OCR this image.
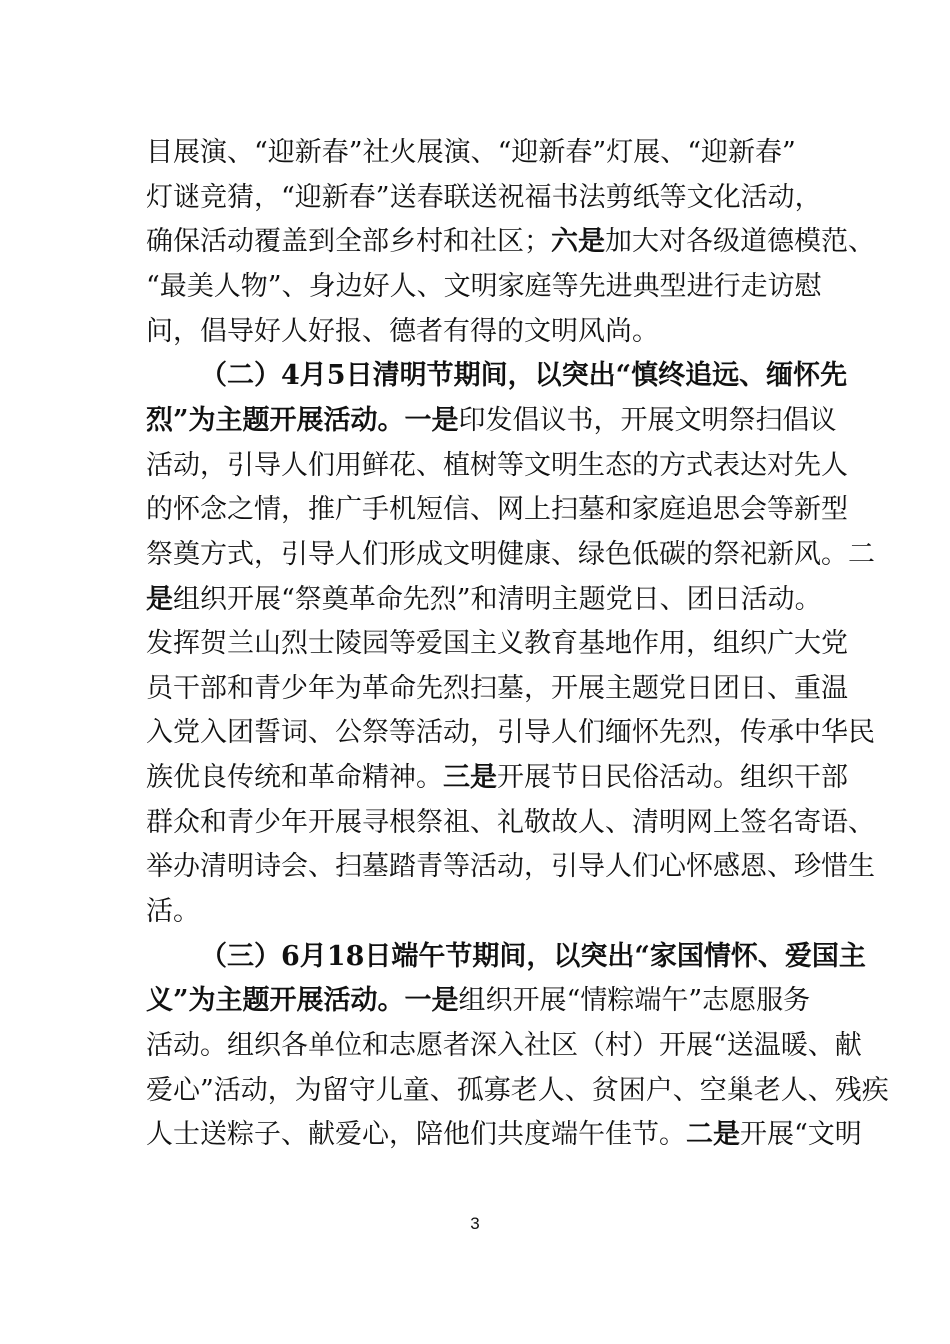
目展演、“迎新春”社火展演、“迎新春”灯展、“迎新春”
灯谜竞猜，“迎新春”送春联送祝福书法剪纸等文化活动，
确保活动覆盖到全部乡村和社区；六是加大对各级道德模范、
“最美人物”、身边好人、文明家庭等先进典型进行走访慰
问，倡导好人好报、德者有得的文明风尚。
（二）4月5日清明节期间，以突出“慎终追远、缅怀先
烈”为主题开展活动。一是印发倡议书，开展文明祭扫倡议
活动，引导人们用鲜花、植树等文明生态的方式表达对先人
的怀念之情，推广手机短信、网上扫墓和家庭追思会等新型
祭奠方式，引导人们形成文明健康、绿色低碳的祭祀新风。二
是组织开展“祭奠革命先烈”和清明主题党日、团日活动。
发挥贺兰山烈士陵园等爱国主义教育基地作用，组织广大党
员干部和青少年为革命先烈扫墓，开展主题党日团日、重温
入党入团誓词、公祭等活动，引导人们缅怀先烈，传承中华民
族优良传统和革命精神。三是开展节日民俗活动。组织干部
群众和青少年开展寻根祭祖、礼敬故人、清明网上签名寄语、
举办清明诗会、扫墓踏青等活动，引导人们心怀感恩、珍惜生
活。
（三）6月18日端午节期间，以突出“家国情怀、爱国主
义”为主题开展活动。一是组织开展“情粽端午”志愿服务
活动。组织各单位和志愿者深入社区（村）开展“送温暖、献
爱心”活动，为留守儿童、孤寡老人、贫困户、空巢老人、残疾
人士送粽子、献爱心，陪他们共度端午佳节。二是开展“文明
3
